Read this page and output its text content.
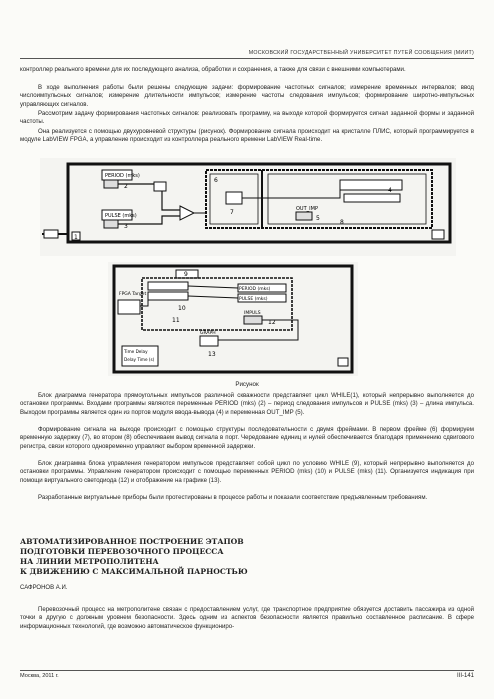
МОСКОВСКИЙ ГОСУДАРСТВЕННЫЙ УНИВЕРСИТЕТ ПУТЕЙ СООБЩЕНИЯ (МИИТ)

контроллер реального времени для их последующего анализа, обработки и сохранения, а также для связи с внешними компьютерами.

В ходе выполнения работы были решены следующие задачи: формирование частотных сигналов; измерение временных интервалов; ввод числоимпульсных сигналов; измерение длительности импульсов; измерение частоты следования импульсов; формирование широтно-импульсных управляющих сигналов.

Рассмотрим задачу формирования частотных сигналов: реализовать программу, на выходе которой формируется сигнал заданной формы и заданной частоты.

Она реализуется с помощью двухуровневой структуры (рисунок). Формирование сигнала происходит на кристалле ПЛИС, который программируется в модуле LabVIEW FPGA, а управление происходит из контроллера реального времени LabVIEW Real-time.

PERIOD (mks)
PULSE (mks)
OUT_IMP
1
2
3
4
5
6
7
8
9
FPGA Target
PERIOD (mks)
PULSE (mks)
10
11
IMPULS
12
GRAPH
13
Time Delay
Delay Time (s)
Рисунок

Блок диаграмма генератора прямоугольных импульсов различной скважности представляет цикл WHILE(1), который непрерывно выполняется до остановки программы. Входами программы являются переменные PERIOD (mks) (2) – период следования импульсов и PULSE (mks) (3) – длина импульса. Выходом программы является один из портов модуля ввода-вывода (4) и переменная OUT_IMP (5).

Формирование сигнала на выходе происходит с помощью структуры последовательности с двумя фреймами. В первом фрейме (6) формируем временную задержку (7), во втором (8) обеспечиваем вывод сигнала в порт. Чередование единиц и нулей обеспечивается благодаря применению сдвигового регистра, связи которого одновременно управляют выбором временной задержки.

Блок диаграмма блока управления генератором импульсов представляет собой цикл по условию WHILE (9), который непрерывно выполняется до остановки программы. Управление генератором происходит с помощью переменных PERIOD (mks) (10) и PULSE (mks) (11). Организуется индикация при помощи виртуального светодиода (12) и отображение на графике (13).

Разработанные виртуальные приборы были протестированы в процессе работы и показали соответствие предъявленным требованиям.

АВТОМАТИЗИРОВАННОЕ ПОСТРОЕНИЕ ЭТАПОВ
ПОДГОТОВКИ ПЕРЕВОЗОЧНОГО ПРОЦЕССА
НА ЛИНИИ МЕТРОПОЛИТЕНА
К ДВИЖЕНИЮ С МАКСИМАЛЬНОЙ ПАРНОСТЬЮ
САФРОНОВ А.И.

Перевозочный процесс на метрополитене связан с предоставлением услуг, где транспортное предприятие обязуется доставить пассажира из одной точки в другую с должным уровнем безопасности. Здесь одним из аспектов безопасности является правильно составленное расписание. В сфере информационных технологий, где возможно автоматическое функциониро-

Москва, 2011 г.	III-141
